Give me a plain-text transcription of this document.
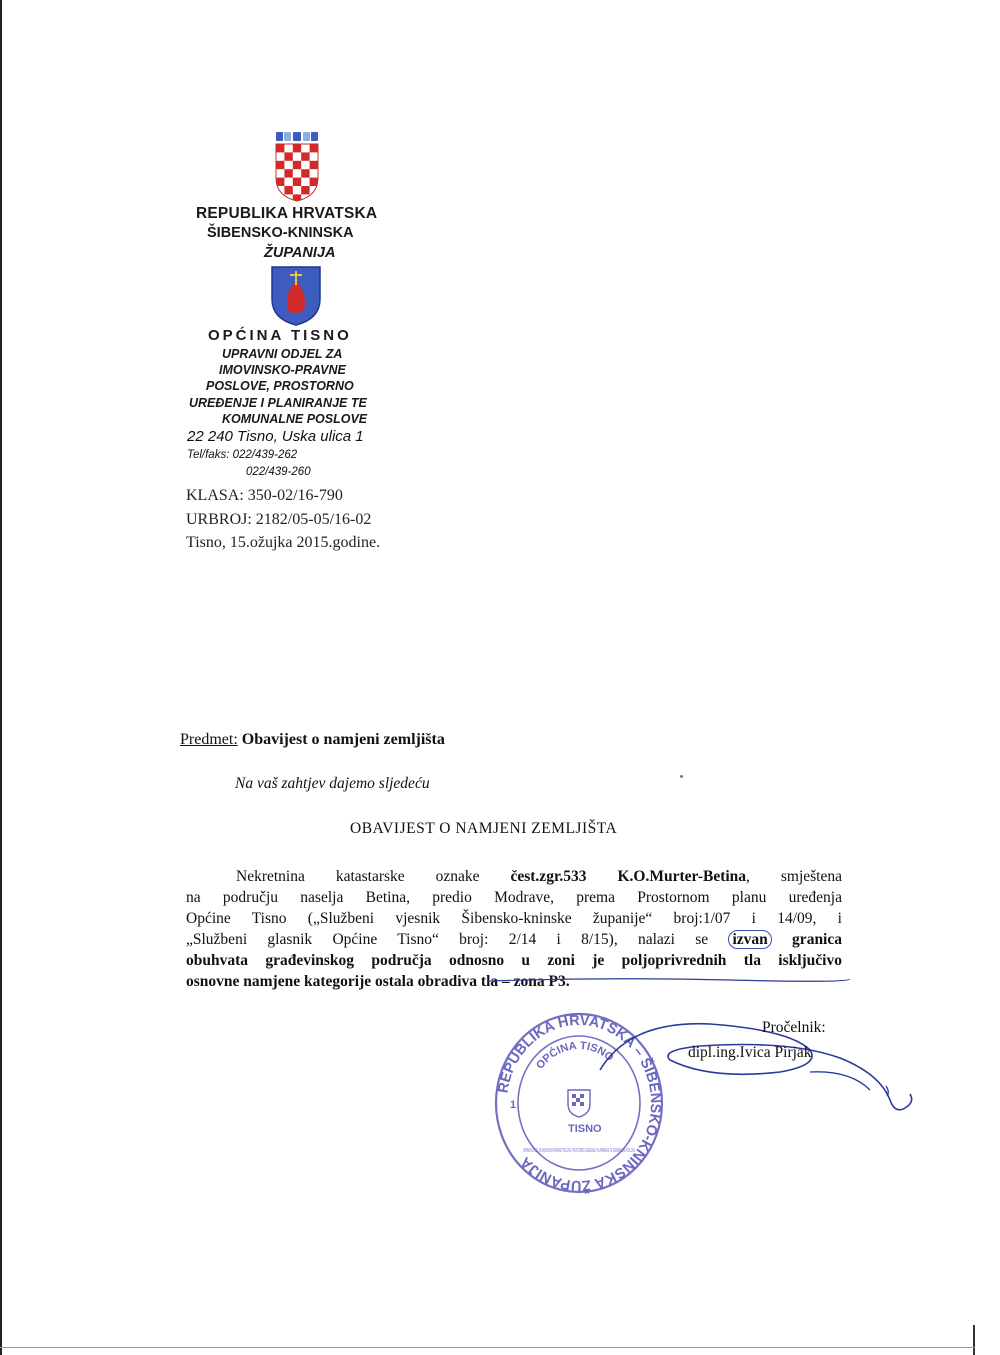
REPUBLIKA HRVATSKA
ŠIBENSKO-KNINSKA
ŽUPANIJA
OPĆINA TISNO
UPRAVNI ODJEL ZA
IMOVINSKO-PRAVNE
POSLOVE, PROSTORNO
UREĐENJE I PLANIRANJE TE
KOMUNALNE POSLOVE
22 240 Tisno, Uska ulica 1
Tel/faks: 022/439-262
022/439-260
KLASA: 350-02/16-790
URBROJ: 2182/05-05/16-02
Tisno, 15.ožujka 2015.godine.
Predmet: Obavijest o namjeni zemljišta
Na vaš zahtjev dajemo sljedeću
OBAVIJEST O NAMJENI ZEMLJIŠTA
Nekretnina katastarske oznake čest.zgr.533 K.O.Murter-Betina, smještena
na području naselja Betina, predio Modrave, prema Prostornom planu uređenja
Općine Tisno („Službeni vjesnik Šibensko-kninske županije“ broj:1/07 i 14/09, i
„Službeni glasnik Općine Tisno“ broj: 2/14 i 8/15), nalazi se izvan granica
obuhvata građevinskog područja odnosno u zoni je poljoprivrednih tla isključivo
osnovne namjene kategorije ostala obradiva tla – zona P3.
REPUBLIKA HRVATSKA – ŠIBENSKO-KNINSKA ŽUPANIJA
OPĆINA TISNO
TISNO
1
UPRAVNI ODJEL ZA IMOVINSKO-PRAVNE POSLOVE, PROSTORNO UREĐENJE I PLANIRANJE TE KOMUNALNE POSLOVE
Pročelnik:
dipl.ing.Ivica Pirjak
